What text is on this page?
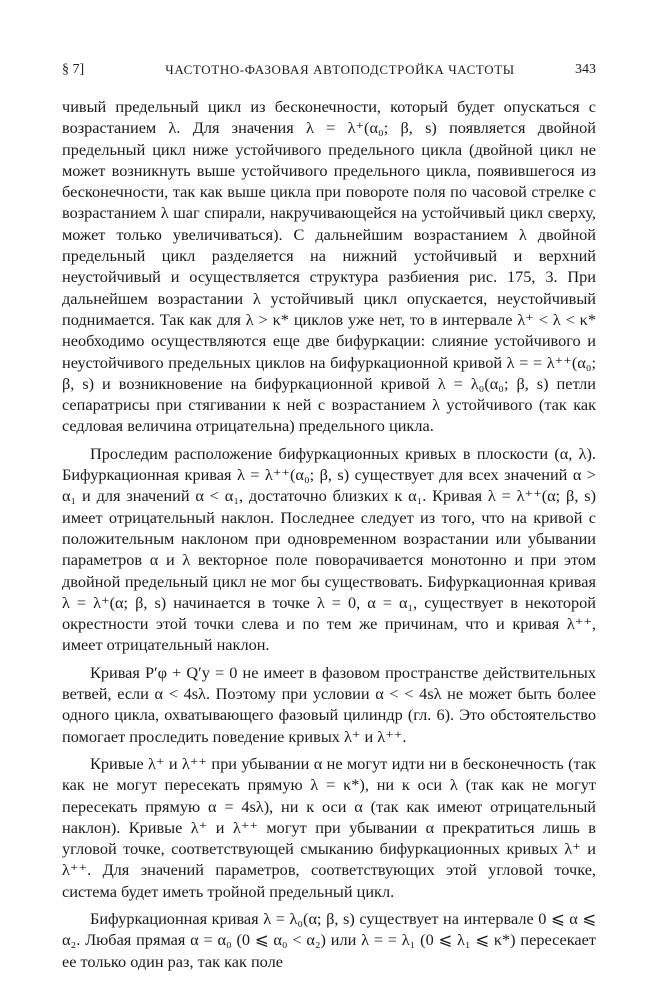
§ 7]	ЧАСТОТНО-ФАЗОВАЯ АВТОПОДСТРОЙКА ЧАСТОТЫ	343

чивый предельный цикл из бесконечности, который будет опускаться с возрастанием λ. Для значения λ = λ⁺(α₀; β, s) появляется двойной предельный цикл ниже устойчивого предельного цикла (двойной цикл не может возникнуть выше устойчивого предельного цикла, появившегося из бесконечности, так как выше цикла при повороте поля по часовой стрелке с возрастанием λ шаг спирали, накручивающейся на устойчивый цикл сверху, может только увеличиваться). С дальнейшим возрастанием λ двойной предельный цикл разделяется на нижний устойчивый и верхний неустойчивый и осуществляется структура разбиения рис. 175, 3. При дальнейшем возрастании λ устойчивый цикл опускается, неустойчивый поднимается. Так как для λ > κ* циклов уже нет, то в интервале λ⁺ < λ < κ* необходимо осуществляются еще две бифуркации: слияние устойчивого и неустойчивого предельных циклов на бифуркационной кривой λ = = λ⁺⁺(α₀; β, s) и возникновение на бифуркационной кривой λ = λ₀(α₀; β, s) петли сепаратрисы при стягивании к ней с возрастанием λ устойчивого (так как седловая величина отрицательна) предельного цикла.

Проследим расположение бифуркационных кривых в плоскости (α, λ). Бифуркационная кривая λ = λ⁺⁺(α₀; β, s) существует для всех значений α > α₁ и для значений α < α₁, достаточно близких к α₁. Кривая λ = λ⁺⁺(α; β, s) имеет отрицательный наклон. Последнее следует из того, что на кривой с положительным наклоном при одновременном возрастании или убывании параметров α и λ векторное поле поворачивается монотонно и при этом двойной предельный цикл не мог бы существовать. Бифуркационная кривая λ = λ⁺(α; β, s) начинается в точке λ = 0, α = α₁, существует в некоторой окрестности этой точки слева и по тем же причинам, что и кривая λ⁺⁺, имеет отрицательный наклон.

Кривая P′φ + Q′y = 0 не имеет в фазовом пространстве действительных ветвей, если α < 4sλ. Поэтому при условии α < < 4sλ не может быть более одного цикла, охватывающего фазовый цилиндр (гл. 6). Это обстоятельство помогает проследить поведение кривых λ⁺ и λ⁺⁺.

Кривые λ⁺ и λ⁺⁺ при убывании α не могут идти ни в бесконечность (так как не могут пересекать прямую λ = κ*), ни к оси λ (так как не могут пересекать прямую α = 4sλ), ни к оси α (так как имеют отрицательный наклон). Кривые λ⁺ и λ⁺⁺ могут при убывании α прекратиться лишь в угловой точке, соответствующей смыканию бифуркационных кривых λ⁺ и λ⁺⁺. Для значений параметров, соответствующих этой угловой точке, система будет иметь тройной предельный цикл.

Бифуркационная кривая λ = λ₀(α; β, s) существует на интервале 0 ⩽ α ⩽ α₂. Любая прямая α = α₀ (0 ⩽ α₀ < α₂) или λ = = λ₁ (0 ⩽ λ₁ ⩽ κ*) пересекает ее только один раз, так как поле
